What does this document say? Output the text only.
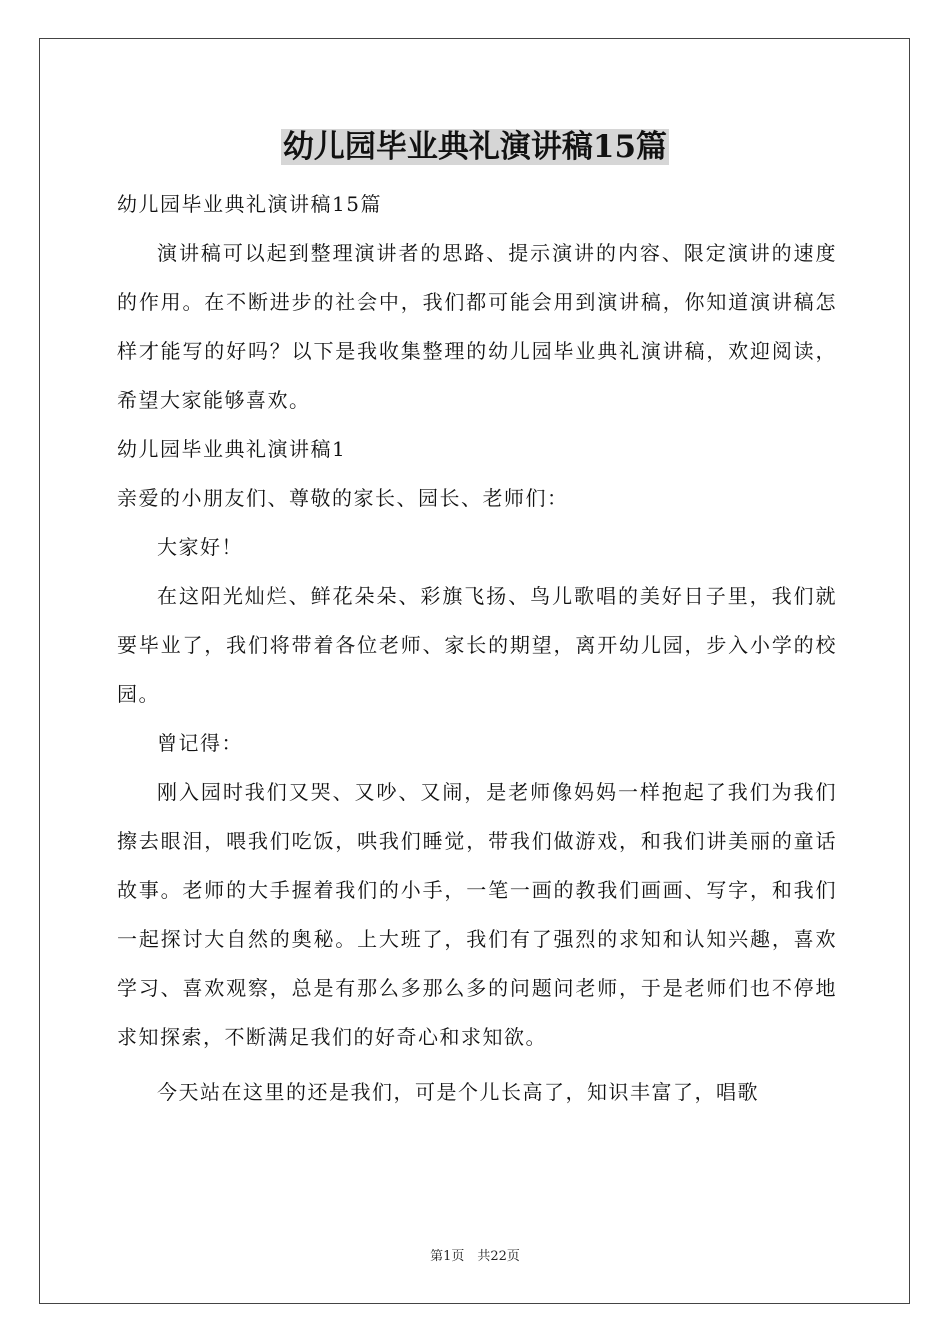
幼儿园毕业典礼演讲稿15篇

幼儿园毕业典礼演讲稿15篇

演讲稿可以起到整理演讲者的思路、提示演讲的内容、限定演讲的速度的作用。在不断进步的社会中，我们都可能会用到演讲稿，你知道演讲稿怎样才能写的好吗？以下是我收集整理的幼儿园毕业典礼演讲稿，欢迎阅读，希望大家能够喜欢。

幼儿园毕业典礼演讲稿1

亲爱的小朋友们、尊敬的家长、园长、老师们：

大家好！

在这阳光灿烂、鲜花朵朵、彩旗飞扬、鸟儿歌唱的美好日子里，我们就要毕业了，我们将带着各位老师、家长的期望，离开幼儿园，步入小学的校园。

曾记得：

刚入园时我们又哭、又吵、又闹，是老师像妈妈一样抱起了我们为我们擦去眼泪，喂我们吃饭，哄我们睡觉，带我们做游戏，和我们讲美丽的童话故事。老师的大手握着我们的小手，一笔一画的教我们画画、写字，和我们一起探讨大自然的奥秘。上大班了，我们有了强烈的求知和认知兴趣，喜欢学习、喜欢观察，总是有那么多那么多的问题问老师，于是老师们也不停地求知探索，不断满足我们的好奇心和求知欲。

今天站在这里的还是我们，可是个儿长高了，知识丰富了，唱歌

第1页　共22页
